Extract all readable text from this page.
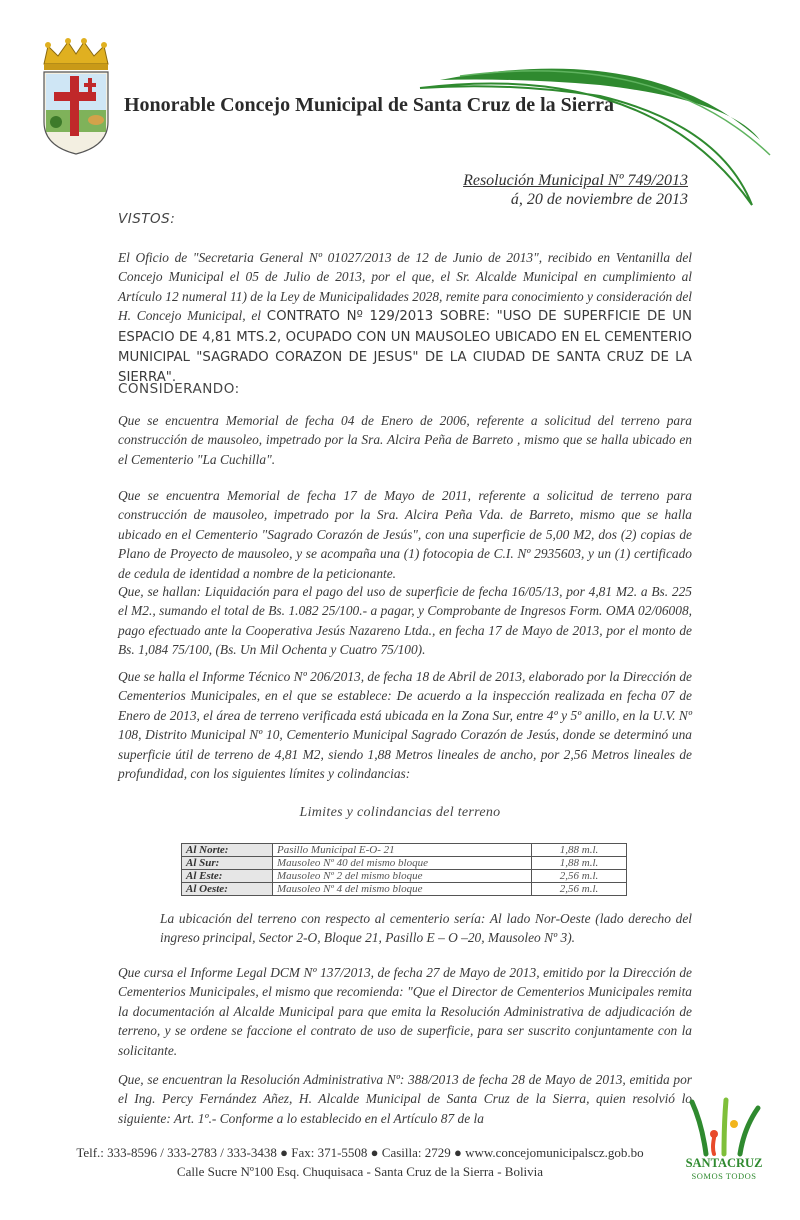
Honorable Concejo Municipal de Santa Cruz de la Sierra
Resolución Municipal Nº 749/2013
á, 20 de noviembre de 2013

VISTOS:

El Oficio de "Secretaria General Nº 01027/2013 de 12 de Junio de 2013", recibido en Ventanilla del Concejo Municipal el 05 de Julio de 2013, por el que, el Sr. Alcalde Municipal en cumplimiento al Artículo 12 numeral 11) de la Ley de Municipalidades 2028, remite para conocimiento y consideración del H. Concejo Municipal, el CONTRATO Nº 129/2013 SOBRE: "USO DE SUPERFICIE DE UN ESPACIO DE 4,81 MTS.2, OCUPADO CON UN MAUSOLEO UBICADO EN EL CEMENTERIO MUNICIPAL "SAGRADO CORAZON DE JESUS" DE LA CIUDAD DE SANTA CRUZ DE LA SIERRA".

CONSIDERANDO:

Que se encuentra Memorial de fecha 04 de Enero de 2006, referente a solicitud del terreno para construcción de mausoleo, impetrado por la Sra. Alcira Peña de Barreto , mismo que se halla ubicado en el Cementerio "La Cuchilla".

Que se encuentra Memorial de fecha 17 de Mayo de 2011, referente a solicitud de terreno para construcción de mausoleo, impetrado por la Sra. Alcira Peña Vda. de Barreto, mismo que se halla ubicado en el Cementerio "Sagrado Corazón de Jesús", con una superficie de 5,00 M2, dos (2) copias de Plano de Proyecto de mausoleo, y se acompaña una (1) fotocopia de C.I. Nº 2935603, y un (1) certificado de cedula de identidad a nombre de la peticionante.

Que, se hallan: Liquidación para el pago del uso de superficie de fecha 16/05/13, por 4,81 M2. a Bs. 225 el M2., sumando el total de Bs. 1.082 25/100.- a pagar, y Comprobante de Ingresos Form. OMA 02/06008, pago efectuado ante la Cooperativa Jesús Nazareno Ltda., en fecha 17 de Mayo de 2013, por el monto de Bs. 1,084 75/100, (Bs. Un Mil Ochenta y Cuatro 75/100).

Que se halla el Informe Técnico Nº 206/2013, de fecha 18 de Abril de 2013, elaborado por la Dirección de Cementerios Municipales, en el que se establece: De acuerdo a la inspección realizada en fecha 07 de Enero de 2013, el área de terreno verificada está ubicada en la Zona Sur, entre 4º y 5º anillo, en la U.V. Nº 108, Distrito Municipal Nº 10, Cementerio Municipal Sagrado Corazón de Jesús, donde se determinó una superficie útil de terreno de 4,81 M2, siendo 1,88 Metros lineales de ancho, por 2,56 Metros lineales de profundidad, con los siguientes límites y colindancias:

Limites y colindancias del terreno
Al Norte:	Pasillo Municipal E-O- 21	1,88 m.l.
Al Sur:	Mausoleo Nº 40 del mismo bloque	1,88 m.l.
Al Este:	Mausoleo Nº 2 del mismo bloque	2,56 m.l.
Al Oeste:	Mausoleo Nº 4 del mismo bloque	2,56 m.l.

La ubicación del terreno con respecto al cementerio sería: Al lado Nor-Oeste (lado derecho del ingreso principal, Sector 2-O, Bloque 21, Pasillo E – O –20, Mausoleo Nº 3).

Que cursa el Informe Legal DCM Nº 137/2013, de fecha 27 de Mayo de 2013, emitido por la Dirección de Cementerios Municipales, el mismo que recomienda: "Que el Director de Cementerios Municipales remita la documentación al Alcalde Municipal para que emita la Resolución Administrativa de adjudicación de terreno, y se ordene se faccione el contrato de uso de superficie, para ser suscrito conjuntamente con la solicitante.

Que, se encuentran la Resolución Administrativa Nº: 388/2013 de fecha 28 de Mayo de 2013, emitida por el Ing. Percy Fernández Añez, H. Alcalde Municipal de Santa Cruz de la Sierra, quien resolvió lo siguiente: Art. 1º.- Conforme a lo establecido en el Artículo 87 de la

Telf.: 333-8596 / 333-2783 / 333-3438 ● Fax: 371-5508 ● Casilla: 2729 ● www.concejomunicipalscz.gob.bo
Calle Sucre Nº100 Esq. Chuquisaca - Santa Cruz de la Sierra - Bolivia
SANTACRUZ
SOMOS TODOS
